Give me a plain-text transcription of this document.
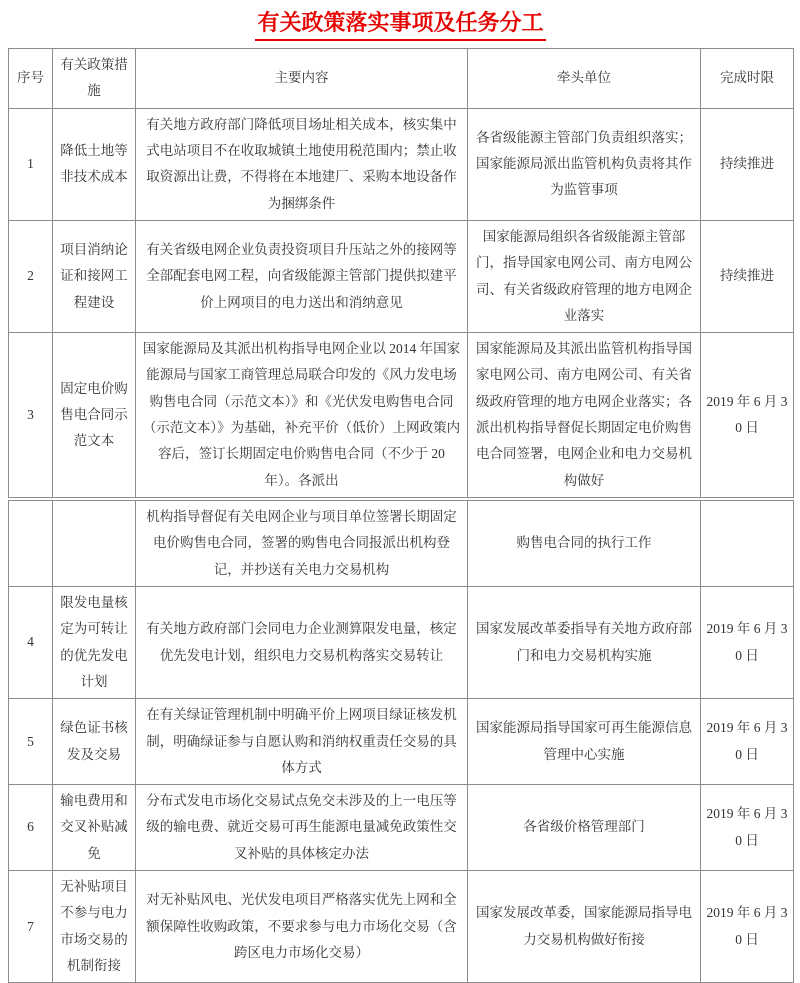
有关政策落实事项及任务分工
序号	有关政策措施	主要内容	牵头单位	完成时限
1	降低土地等非技术成本	有关地方政府部门降低项目场址相关成本，核实集中式电站项目不在收取城镇土地使用税范围内；禁止收取资源出让费，不得将在本地建厂、采购本地设备作为捆绑条件	各省级能源主管部门负责组织落实；国家能源局派出监管机构负责将其作为监管事项	持续推进
2	项目消纳论证和接网工程建设	有关省级电网企业负责投资项目升压站之外的接网等全部配套电网工程，向省级能源主管部门提供拟建平价上网项目的电力送出和消纳意见	国家能源局组织各省级能源主管部门，指导国家电网公司、南方电网公司、有关省级政府管理的地方电网企业落实	持续推进
3	固定电价购售电合同示范文本	国家能源局及其派出机构指导电网企业以 2014 年国家能源局与国家工商管理总局联合印发的《风力发电场购售电合同（示范文本）》和《光伏发电购售电合同（示范文本）》为基础，补充平价（低价）上网政策内容后，签订长期固定电价购售电合同（不少于 20 年）。各派出	国家能源局及其派出监管机构指导国家电网公司、南方电网公司、有关省级政府管理的地方电网企业落实；各派出机构指导督促长期固定电价购售电合同签署，电网企业和电力交易机构做好	2019 年 6 月 30 日
		机构指导督促有关电网企业与项目单位签署长期固定电价购售电合同，签署的购售电合同报派出机构登记，并抄送有关电力交易机构	购售电合同的执行工作	
4	限发电量核定为可转让的优先发电计划	有关地方政府部门会同电力企业测算限发电量，核定优先发电计划，组织电力交易机构落实交易转让	国家发展改革委指导有关地方政府部门和电力交易机构实施	2019 年 6 月 30 日
5	绿色证书核发及交易	在有关绿证管理机制中明确平价上网项目绿证核发机制，明确绿证参与自愿认购和消纳权重责任交易的具体方式	国家能源局指导国家可再生能源信息管理中心实施	2019 年 6 月 30 日
6	输电费用和交叉补贴减免	分布式发电市场化交易试点免交未涉及的上一电压等级的输电费、就近交易可再生能源电量减免政策性交叉补贴的具体核定办法	各省级价格管理部门	2019 年 6 月 30 日
7	无补贴项目不参与电力市场交易的机制衔接	对无补贴风电、光伏发电项目严格落实优先上网和全额保障性收购政策，不要求参与电力市场化交易（含跨区电力市场化交易）	国家发展改革委，国家能源局指导电力交易机构做好衔接	2019 年 6 月 30 日
